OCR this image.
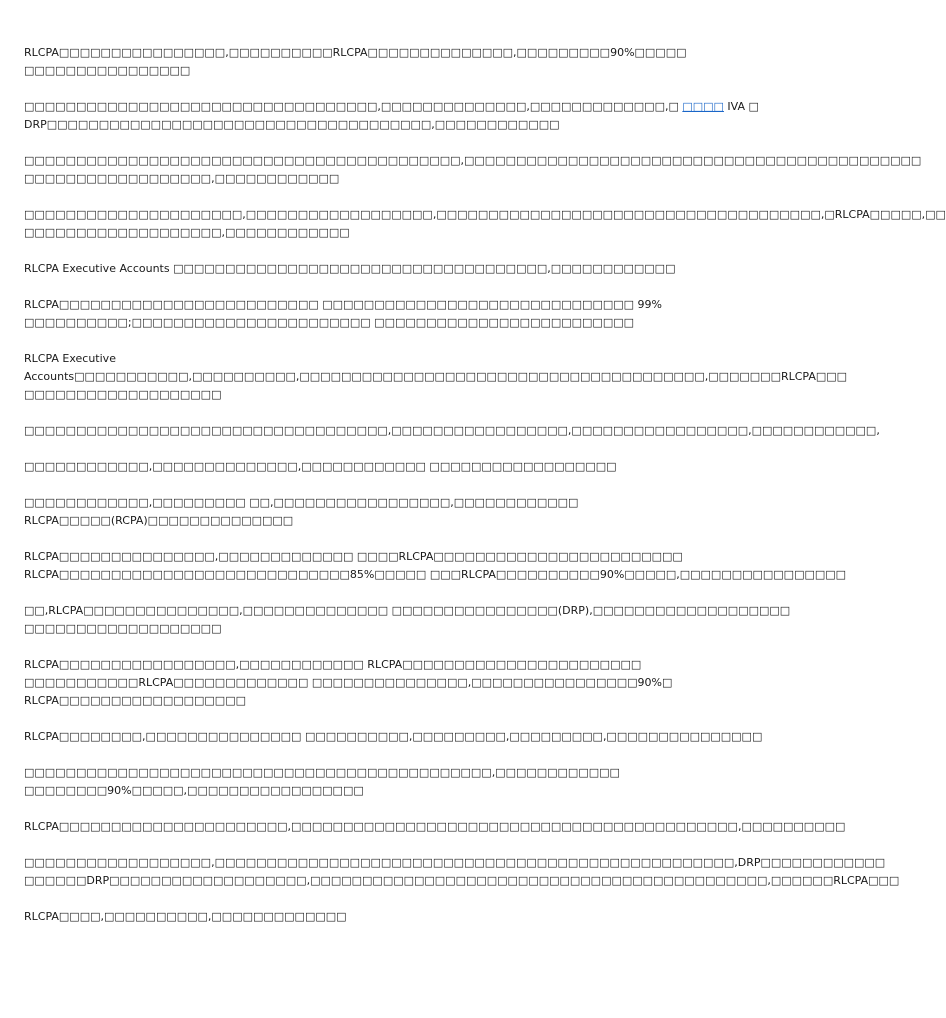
RLCPA□□□□□□□□□□□□□□□□,□□□□□□□□□□RLCPA□□□□□□□□□□□□□□,□□□□□□□□□90%□□□□□
□□□□□□□□□□□□□□□□

□□□□□□□□□□□□□□□□□□□□□□□□□□□□□□□□□□,□□□□□□□□□□□□□□,□□□□□□□□□□□□□,□ □□□□ IVA □
DRP□□□□□□□□□□□□□□□□□□□□□□□□□□□□□□□□□□□□□,□□□□□□□□□□□□

□□□□□□□□□□□□□□□□□□□□□□□□□□□□□□□□□□□□□□□□□□,□□□□□□□□□□□□□□□□□□□□□□□□□□□□□□□□□□□□□□□□□□□□
□□□□□□□□□□□□□□□□□□,□□□□□□□□□□□□

□□□□□□□□□□□□□□□□□□□□□,□□□□□□□□□□□□□□□□□□,□□□□□□□□□□□□□□□□□□□□□□□□□□□□□□□□□□□□□,□RLCPA□□□□□,□□
□□□□□□□□□□□□□□□□□□□,□□□□□□□□□□□□

RLCPA Executive Accounts □□□□□□□□□□□□□□□□□□□□□□□□□□□□□□□□□□□□,□□□□□□□□□□□□

RLCPA□□□□□□□□□□□□□□□□□□□□□□□□□ □□□□□□□□□□□□□□□□□□□□□□□□□□□□□□ 99%
□□□□□□□□□□;□□□□□□□□□□□□□□□□□□□□□□□ □□□□□□□□□□□□□□□□□□□□□□□□□

RLCPA Executive
Accounts□□□□□□□□□□□,□□□□□□□□□□,□□□□□□□□□□□□□□□□□□□□□□□□□□□□□□□□□□□□□□□,□□□□□□□RLCPA□□□
□□□□□□□□□□□□□□□□□□□

□□□□□□□□□□□□□□□□□□□□□□□□□□□□□□□□□□□,□□□□□□□□□□□□□□□□□,□□□□□□□□□□□□□□□□□,□□□□□□□□□□□□,

□□□□□□□□□□□□,□□□□□□□□□□□□□□,□□□□□□□□□□□□ □□□□□□□□□□□□□□□□□□

□□□□□□□□□□□□,□□□□□□□□□ □□,□□□□□□□□□□□□□□□□□,□□□□□□□□□□□□
RLCPA□□□□□(RCPA)□□□□□□□□□□□□□□

RLCPA□□□□□□□□□□□□□□□,□□□□□□□□□□□□□ □□□□RLCPA□□□□□□□□□□□□□□□□□□□□□□□□
RLCPA□□□□□□□□□□□□□□□□□□□□□□□□□□□□85%□□□□□ □□□RLCPA□□□□□□□□□□90%□□□□□,□□□□□□□□□□□□□□□□

□□,RLCPA□□□□□□□□□□□□□□□,□□□□□□□□□□□□□□ □□□□□□□□□□□□□□□□(DRP),□□□□□□□□□□□□□□□□□□□
□□□□□□□□□□□□□□□□□□□

RLCPA□□□□□□□□□□□□□□□□□,□□□□□□□□□□□□ RLCPA□□□□□□□□□□□□□□□□□□□□□□□
□□□□□□□□□□□RLCPA□□□□□□□□□□□□□ □□□□□□□□□□□□□□□,□□□□□□□□□□□□□□□□90%□
RLCPA□□□□□□□□□□□□□□□□□□

RLCPA□□□□□□□□,□□□□□□□□□□□□□□□ □□□□□□□□□□,□□□□□□□□□,□□□□□□□□□,□□□□□□□□□□□□□□□

□□□□□□□□□□□□□□□□□□□□□□□□□□□□□□□□□□□□□□□□□□□□□,□□□□□□□□□□□□
□□□□□□□□90%□□□□□,□□□□□□□□□□□□□□□□□

RLCPA□□□□□□□□□□□□□□□□□□□□□□,□□□□□□□□□□□□□□□□□□□□□□□□□□□□□□□□□□□□□□□□□□□,□□□□□□□□□□

□□□□□□□□□□□□□□□□□□,□□□□□□□□□□□□□□□□□□□□□□□□□□□□□□□□□□□□□□□□□□□□□□□□□□,DRP□□□□□□□□□□□□
□□□□□□DRP□□□□□□□□□□□□□□□□□□□,□□□□□□□□□□□□□□□□□□□□□□□□□□□□□□□□□□□□□□□□□□□□,□□□□□□RLCPA□□□

RLCPA□□□□,□□□□□□□□□□,□□□□□□□□□□□□□
